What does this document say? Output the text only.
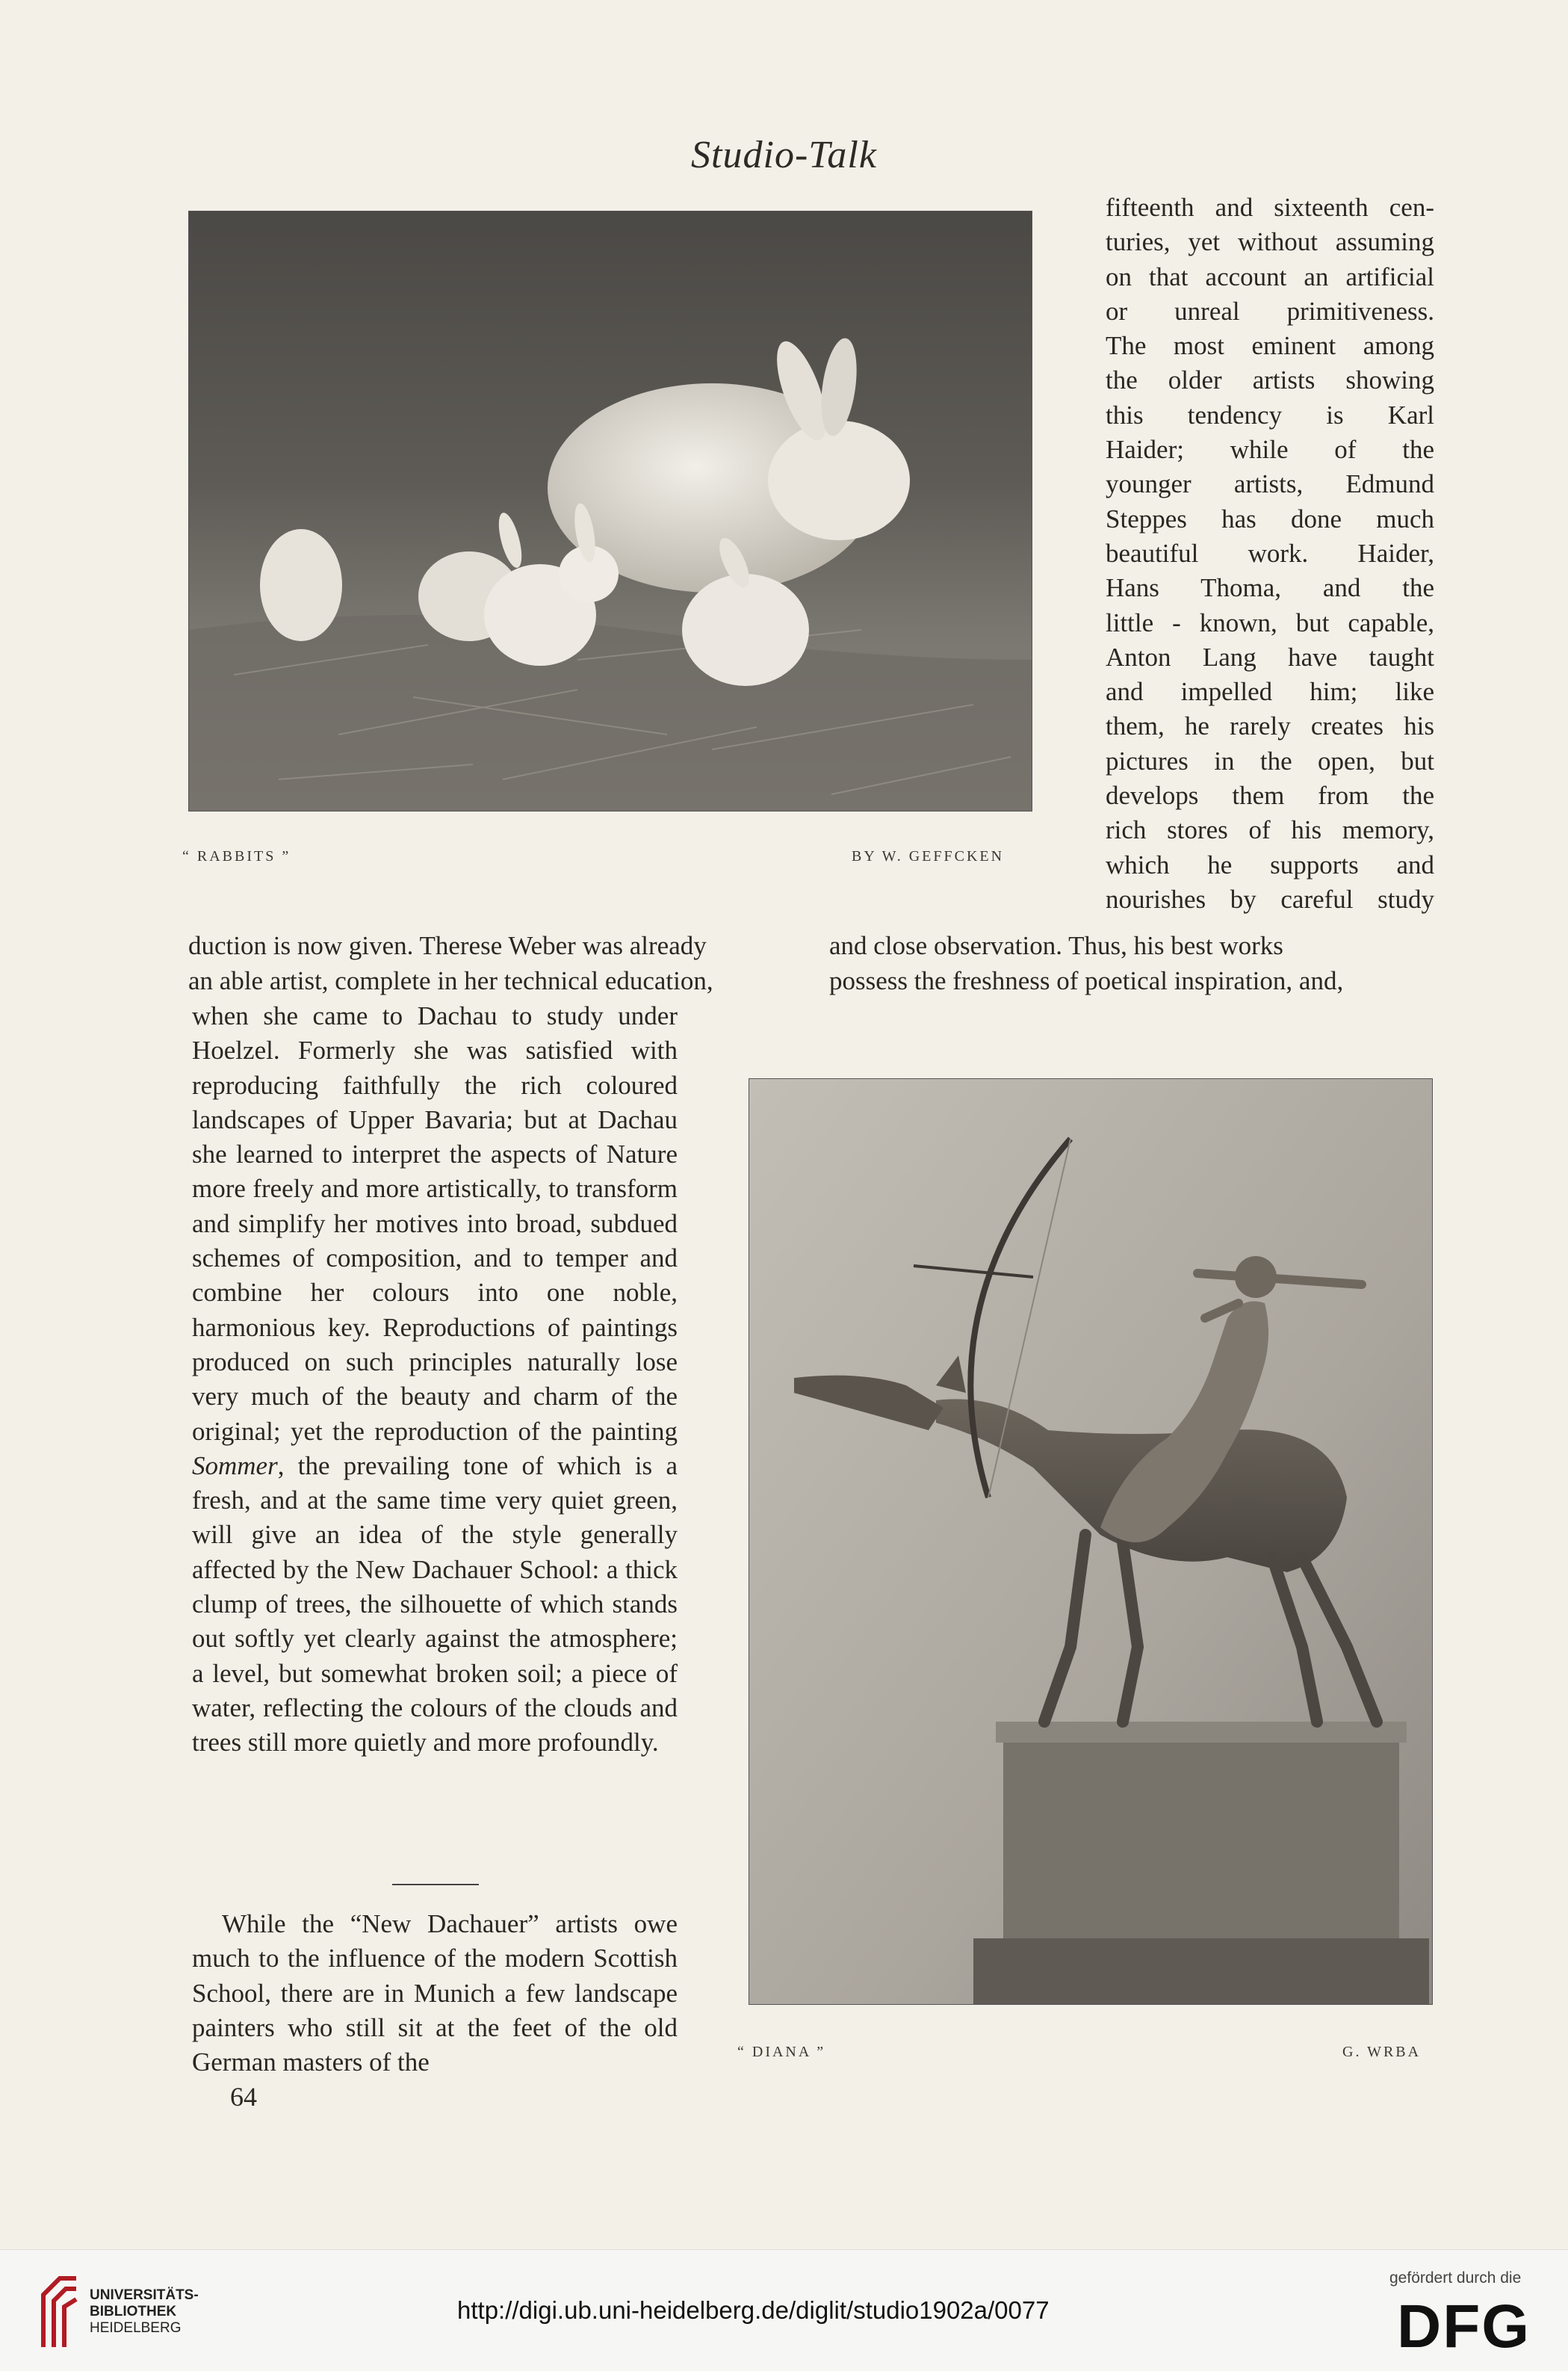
Studio-Talk
“ RABBITS ”	BY W. GEFFCKEN
fifteenth and sixteenth cen-
turies, yet without assuming
on that account an artificial
or unreal primitiveness.
The most eminent among
the older artists showing
this tendency is Karl
Haider; while of the
younger artists, Edmund
Steppes has done much
beautiful work. Haider,
Hans Thoma, and the
little - known, but capable,
Anton Lang have taught
and impelled him; like
them, he rarely creates his
pictures in the open, but
develops them from the
rich stores of his memory,
which he supports and
nourishes by careful study
duction is now given. Therese Weber was already
an able artist, complete in her technical education,
and close observation. Thus, his best works
possess the freshness of poetical inspiration, and,

when she came to Dachau to study under Hoelzel. Formerly she was satisfied with reproducing faithfully the rich coloured landscapes of Upper Bavaria; but at Dachau she learned to interpret the aspects of Nature more freely and more artistically, to transform and simplify her motives into broad, subdued schemes of composition, and to temper and combine her colours into one noble, harmonious key. Reproductions of paintings produced on such principles naturally lose very much of the beauty and charm of the original; yet the reproduction of the painting Sommer, the prevailing tone of which is a fresh, and at the same time very quiet green, will give an idea of the style generally affected by the New Dachauer School: a thick clump of trees, the silhouette of which stands out softly yet clearly against the atmosphere; a level, but somewhat broken soil; a piece of water, reflecting the colours of the clouds and trees still more quietly and more profoundly.

While the “New Dachauer” artists owe much to the influence of the modern Scottish School, there are in Munich a few landscape painters who still sit at the feet of the old German masters of the	“ DIANA ”	G. WRBA
64
UNIVERSITÄTS-
BIBLIOTHEK
HEIDELBERG
http://digi.ub.uni-heidelberg.de/diglit/studio1902a/0077
gefördert durch die
DFG
